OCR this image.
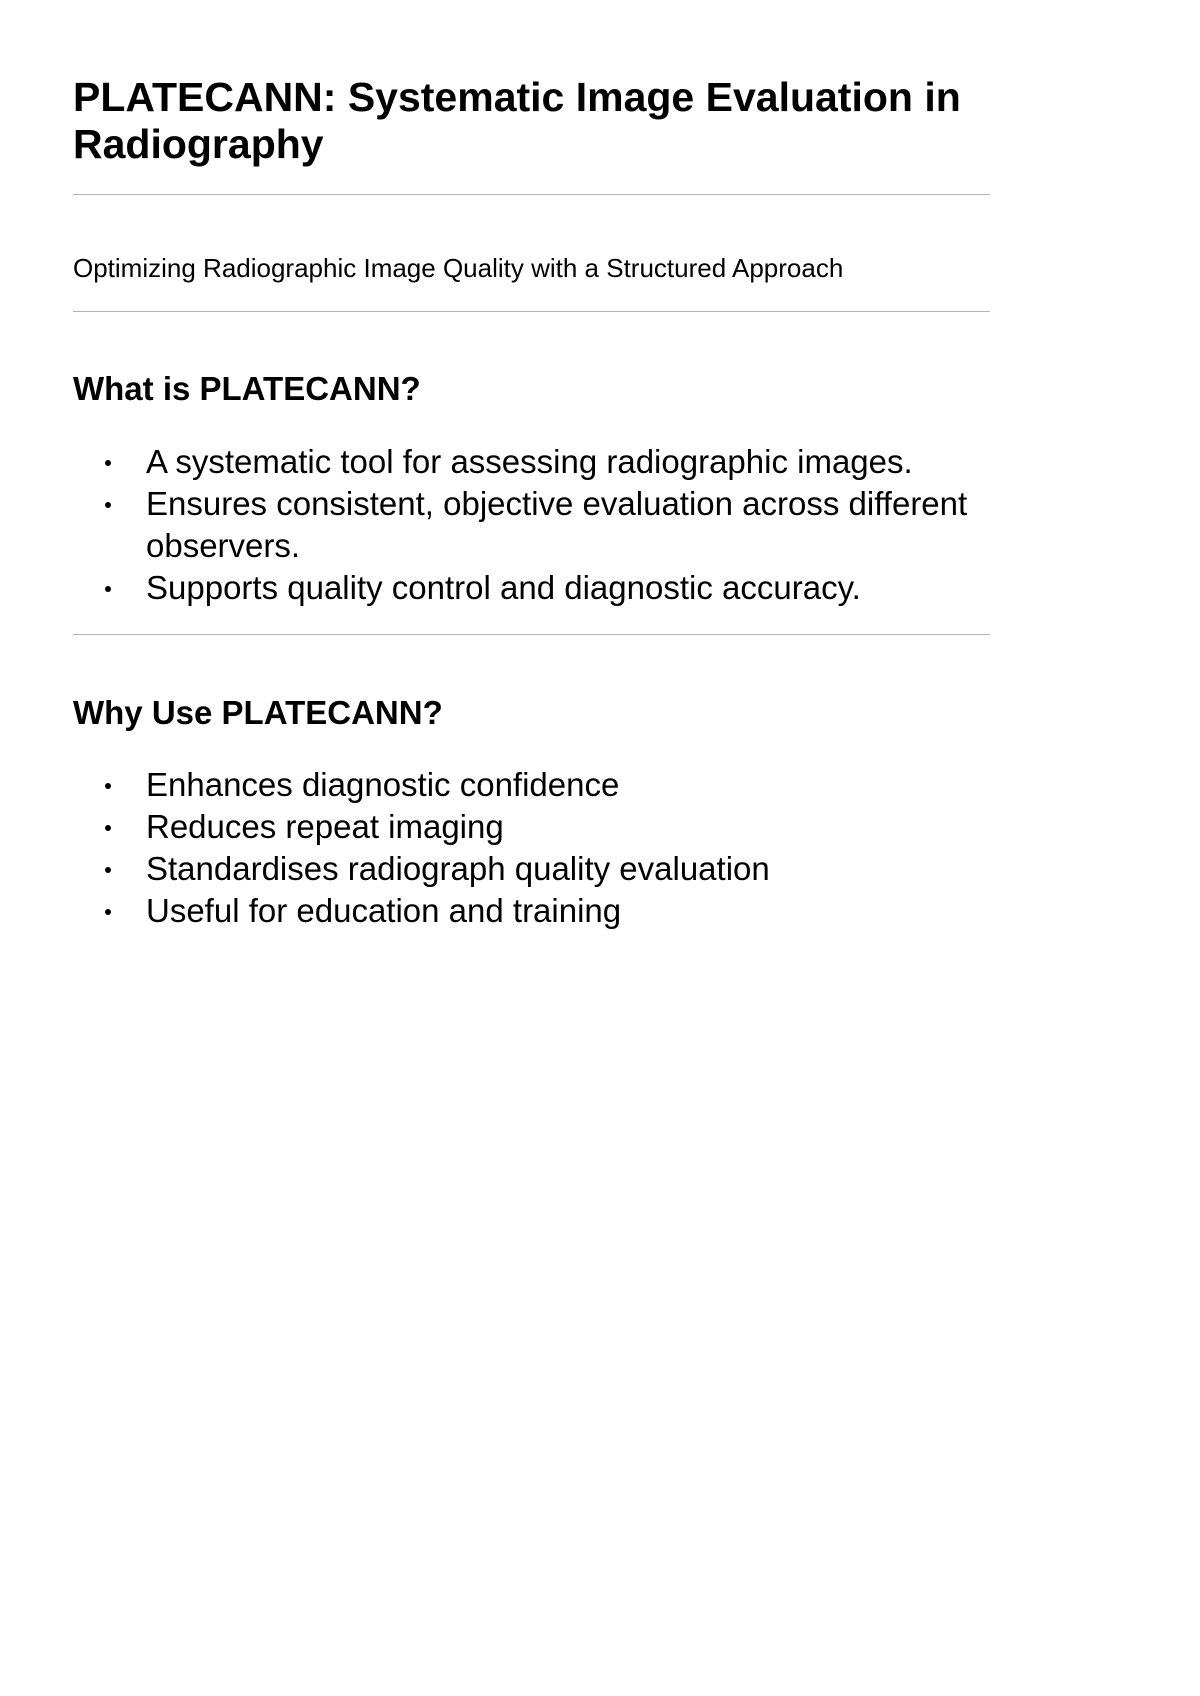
PLATECANN: Systematic Image Evaluation in Radiography

Optimizing Radiographic Image Quality with a Structured Approach

What is PLATECANN?
A systematic tool for assessing radiographic images.
Ensures consistent, objective evaluation across different observers.
Supports quality control and diagnostic accuracy.
Why Use PLATECANN?
Enhances diagnostic confidence
Reduces repeat imaging
Standardises radiograph quality evaluation
Useful for education and training
